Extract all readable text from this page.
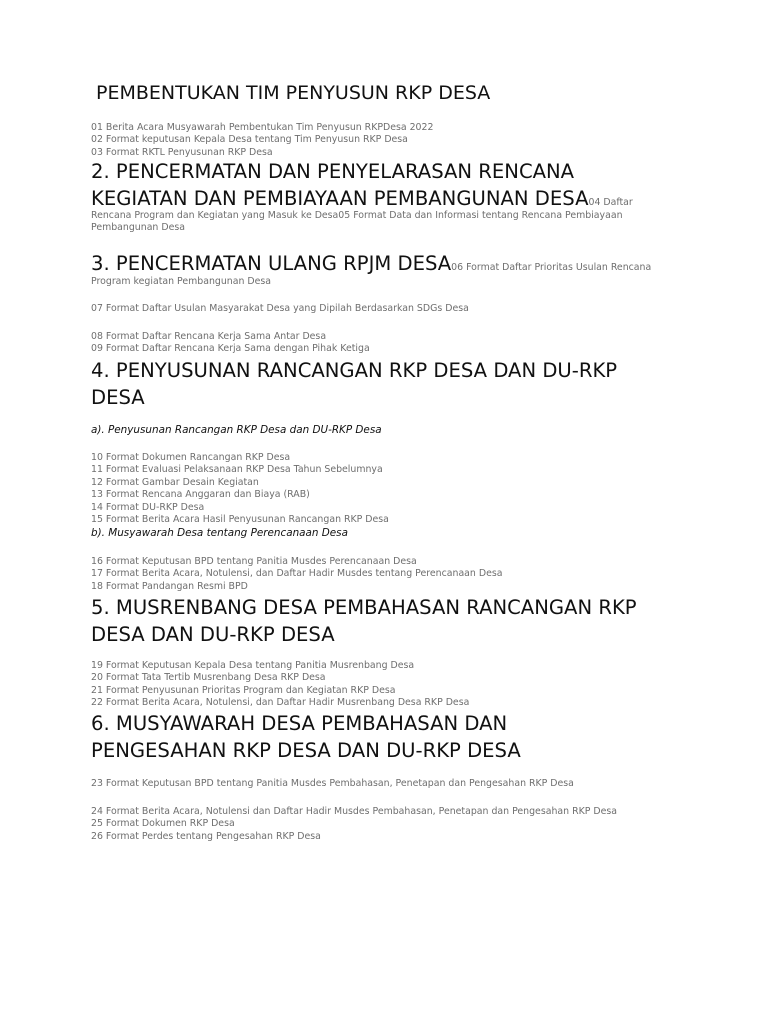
PEMBENTUKAN TIM PENYUSUN RKP DESA
01 Berita Acara Musyawarah Pembentukan Tim Penyusun RKPDesa 2022
02 Format keputusan Kepala Desa tentang Tim Penyusun RKP Desa
03 Format RKTL Penyusunan RKP Desa
2. PENCERMATAN DAN PENYELARASAN RENCANA
KEGIATAN DAN PEMBIAYAAN PEMBANGUNAN DESA04 Daftar
Rencana Program dan Kegiatan yang Masuk ke Desa05 Format Data dan Informasi tentang Rencana Pembiayaan
Pembangunan Desa
3. PENCERMATAN ULANG RPJM DESA06 Format Daftar Prioritas Usulan Rencana
Program kegiatan Pembangunan Desa
07 Format Daftar Usulan Masyarakat Desa yang Dipilah Berdasarkan SDGs Desa
08 Format Daftar Rencana Kerja Sama Antar Desa
09 Format Daftar Rencana Kerja Sama dengan Pihak Ketiga
4. PENYUSUNAN RANCANGAN RKP DESA DAN DU-RKP
DESA
a). Penyusunan Rancangan RKP Desa dan DU-RKP Desa
10 Format Dokumen Rancangan RKP Desa
11 Format Evaluasi Pelaksanaan RKP Desa Tahun Sebelumnya
12 Format Gambar Desain Kegiatan
13 Format Rencana Anggaran dan Biaya (RAB)
14 Format DU-RKP Desa
15 Format Berita Acara Hasil Penyusunan Rancangan RKP Desa
b). Musyawarah Desa tentang Perencanaan Desa
16 Format Keputusan BPD tentang Panitia Musdes Perencanaan Desa
17 Format Berita Acara, Notulensi, dan Daftar Hadir Musdes tentang Perencanaan Desa
18 Format Pandangan Resmi BPD
5. MUSRENBANG DESA PEMBAHASAN RANCANGAN RKP
DESA DAN DU-RKP DESA
19 Format Keputusan Kepala Desa tentang Panitia Musrenbang Desa
20 Format Tata Tertib Musrenbang Desa RKP Desa
21 Format Penyusunan Prioritas Program dan Kegiatan RKP Desa
22 Format Berita Acara, Notulensi, dan Daftar Hadir Musrenbang Desa RKP Desa
6. MUSYAWARAH DESA PEMBAHASAN DAN
PENGESAHAN RKP DESA DAN DU-RKP DESA
23 Format Keputusan BPD tentang Panitia Musdes Pembahasan, Penetapan dan Pengesahan RKP Desa
24 Format Berita Acara, Notulensi dan Daftar Hadir Musdes Pembahasan, Penetapan dan Pengesahan RKP Desa
25 Format Dokumen RKP Desa
26 Format Perdes tentang Pengesahan RKP Desa
